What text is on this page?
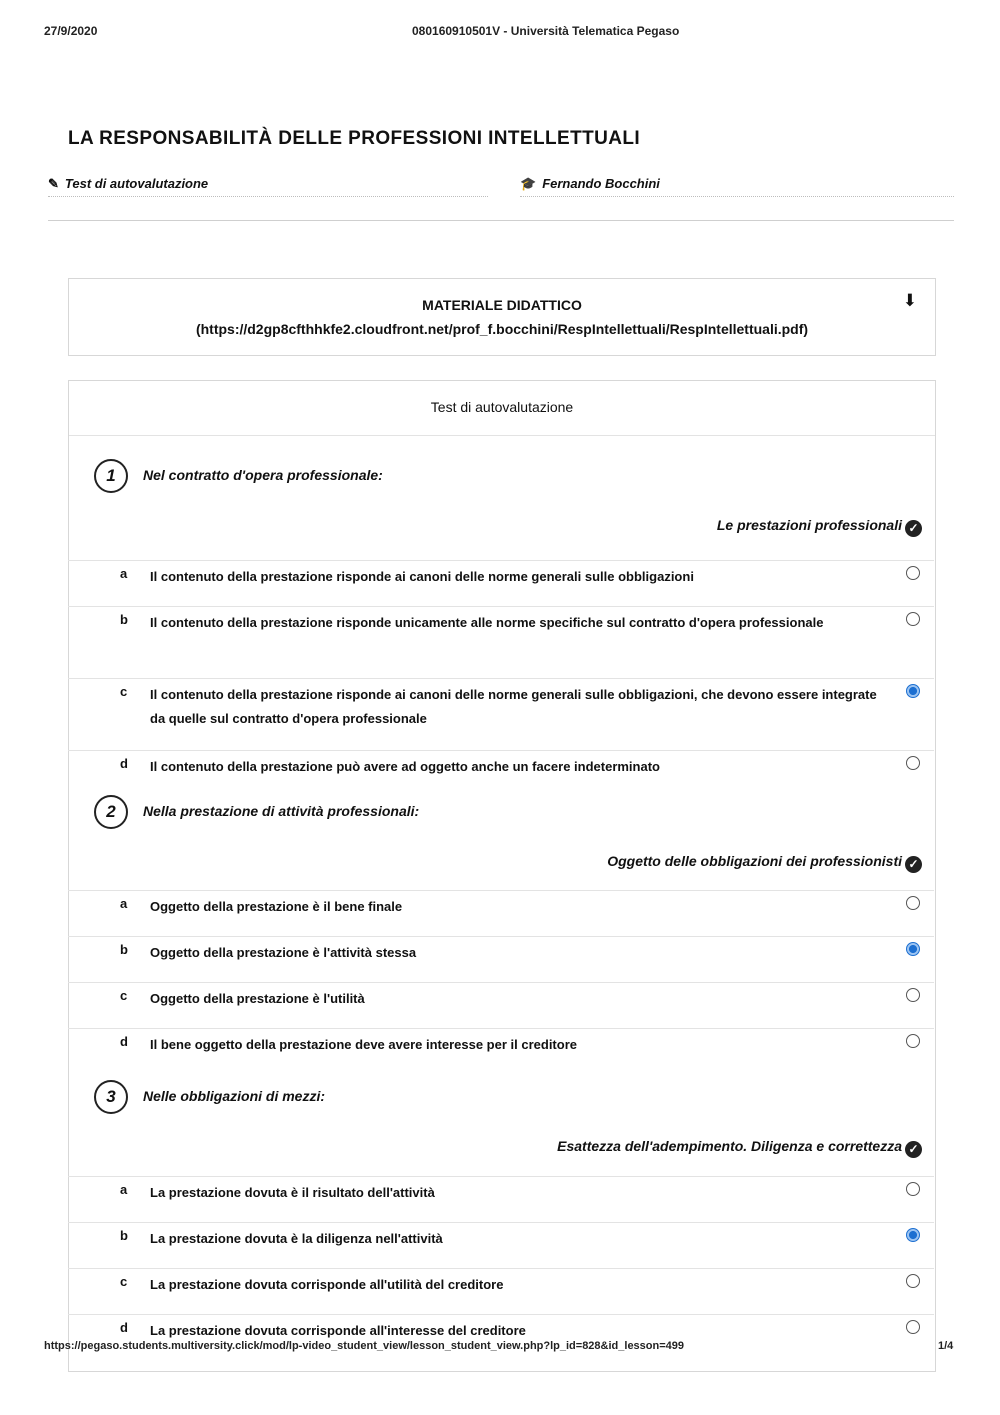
27/9/2020	080160910501V - Università Telematica Pegaso
LA RESPONSABILITÀ DELLE PROFESSIONI INTELLETTUALI
✎ Test di autovalutazione	🎓 Fernando Bocchini
MATERIALE DIDATTICO
(https://d2gp8cfthhkfe2.cloudfront.net/prof_f.bocchini/RespIntellettuali/RespIntellettuali.pdf)
⬇
Test di autovalutazione
1	Nel contratto d'opera professionale:
Le prestazioni professionali ✓
a Il contenuto della prestazione risponde ai canoni delle norme generali sulle obbligazioni
b Il contenuto della prestazione risponde unicamente alle norme specifiche sul contratto d'opera professionale
c Il contenuto della prestazione risponde ai canoni delle norme generali sulle obbligazioni, che devono essere integrate da quelle sul contratto d'opera professionale
d Il contenuto della prestazione può avere ad oggetto anche un facere indeterminato
2	Nella prestazione di attività professionali:
Oggetto delle obbligazioni dei professionisti ✓
a Oggetto della prestazione è il bene finale
b Oggetto della prestazione è l'attività stessa
c Oggetto della prestazione è l'utilità
d Il bene oggetto della prestazione deve avere interesse per il creditore
3	Nelle obbligazioni di mezzi:
Esattezza dell'adempimento. Diligenza e correttezza ✓
a La prestazione dovuta è il risultato dell'attività
b La prestazione dovuta è la diligenza nell'attività
c La prestazione dovuta corrisponde all'utilità del creditore
d La prestazione dovuta corrisponde all'interesse del creditore
https://pegaso.students.multiversity.click/mod/lp-video_student_view/lesson_student_view.php?lp_id=828&id_lesson=499	1/4
